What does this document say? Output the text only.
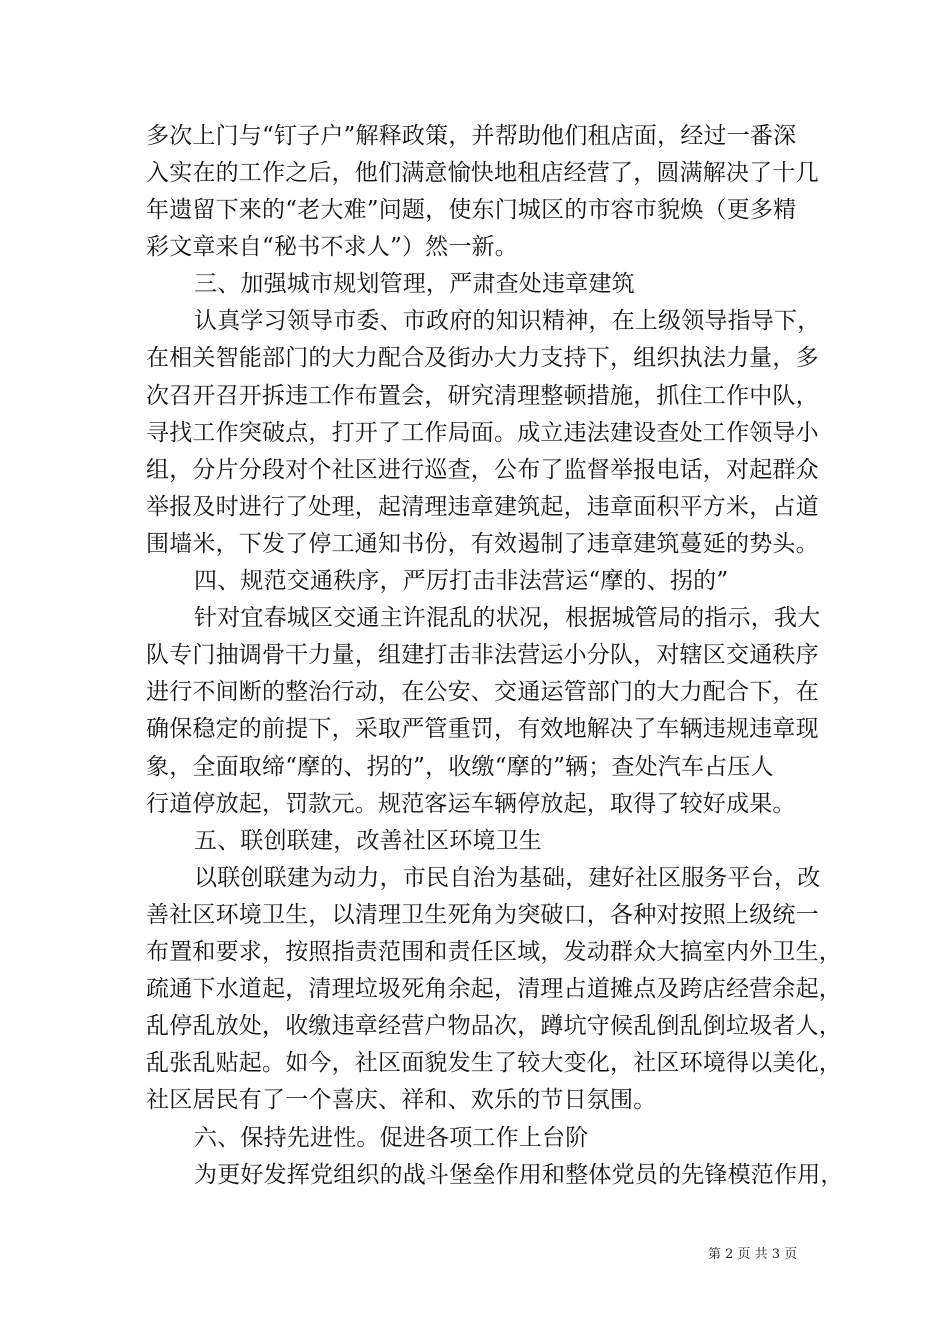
多次上门与“钉子户”解释政策，并帮助他们租店面，经过一番深
入实在的工作之后，他们满意愉快地租店经营了，圆满解决了十几
年遗留下来的“老大难”问题，使东门城区的市容市貌焕（更多精
彩文章来自“秘书不求人”）然一新。
三、加强城市规划管理，严肃查处违章建筑
认真学习领导市委、市政府的知识精神，在上级领导指导下，
在相关智能部门的大力配合及街办大力支持下，组织执法力量，多
次召开召开拆违工作布置会，研究清理整顿措施，抓住工作中队，
寻找工作突破点，打开了工作局面。成立违法建设查处工作领导小
组，分片分段对个社区进行巡查，公布了监督举报电话，对起群众
举报及时进行了处理，起清理违章建筑起，违章面积平方米，占道
围墙米，下发了停工通知书份，有效遏制了违章建筑蔓延的势头。
四、规范交通秩序，严厉打击非法营运“摩的、拐的”
针对宜春城区交通主许混乱的状况，根据城管局的指示，我大
队专门抽调骨干力量，组建打击非法营运小分队，对辖区交通秩序
进行不间断的整治行动，在公安、交通运管部门的大力配合下，在
确保稳定的前提下，采取严管重罚，有效地解决了车辆违规违章现
象，全面取缔“摩的、拐的”，收缴“摩的”辆；查处汽车占压人
行道停放起，罚款元。规范客运车辆停放起，取得了较好成果。
五、联创联建，改善社区环境卫生
以联创联建为动力，市民自治为基础，建好社区服务平台，改
善社区环境卫生，以清理卫生死角为突破口，各种对按照上级统一
布置和要求，按照指责范围和责任区域，发动群众大搞室内外卫生，
疏通下水道起，清理垃圾死角余起，清理占道摊点及跨店经营余起，
乱停乱放处，收缴违章经营户物品次，蹲坑守候乱倒乱倒垃圾者人，
乱张乱贴起。如今，社区面貌发生了较大变化，社区环境得以美化，
社区居民有了一个喜庆、祥和、欢乐的节日氛围。
六、保持先进性。促进各项工作上台阶
为更好发挥党组织的战斗堡垒作用和整体党员的先锋模范作用，
第 2 页 共 3 页
